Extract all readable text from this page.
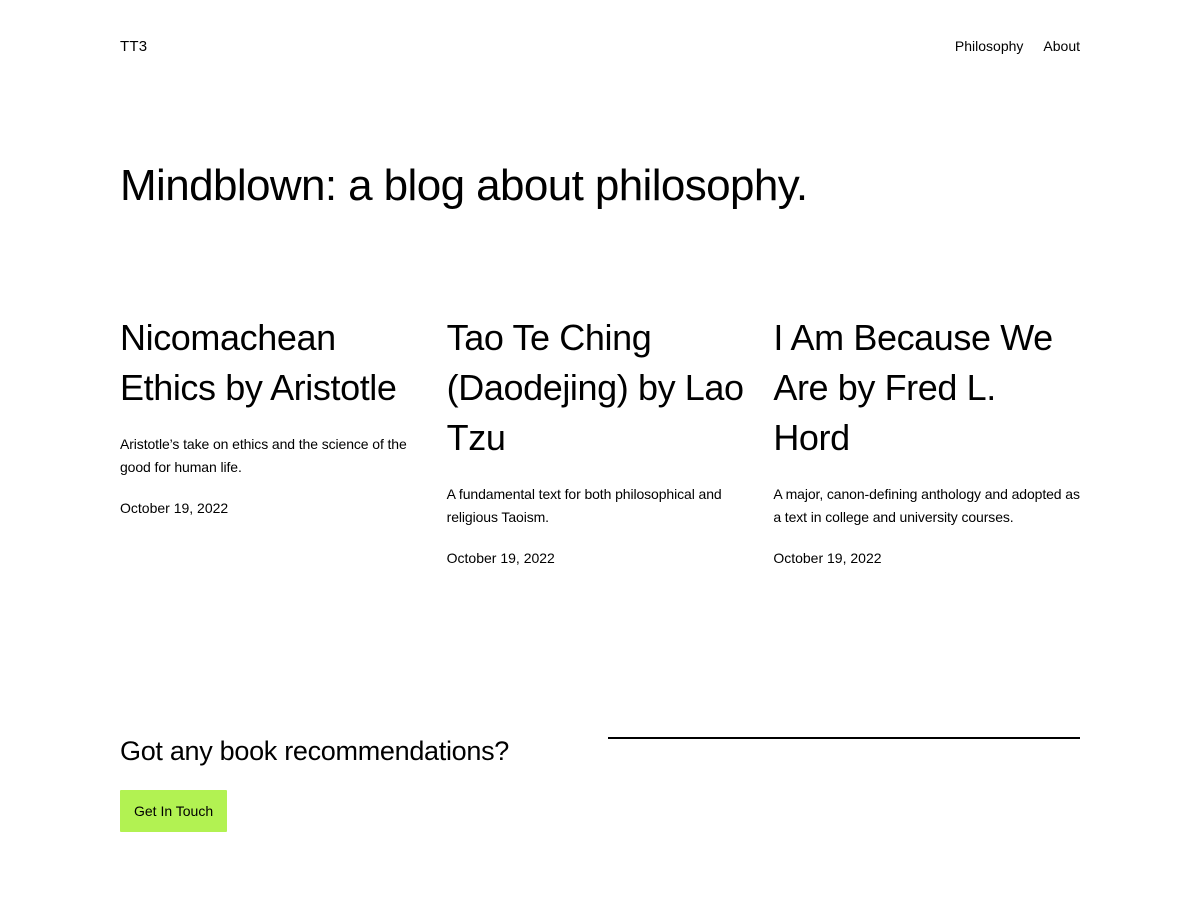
TT3	Philosophy About
Mindblown: a blog about philosophy.
Nicomachean Ethics by Aristotle

Aristotle’s take on ethics and the science of the good for human life.

October 19, 2022

Tao Te Ching (Daodejing) by Lao Tzu

A fundamental text for both philosophical and religious Taoism.

October 19, 2022

I Am Because We Are by Fred L. Hord

A major, canon-defining anthology and adopted as a text in college and university courses.

October 19, 2022

Got any book recommendations?
Get In Touch
